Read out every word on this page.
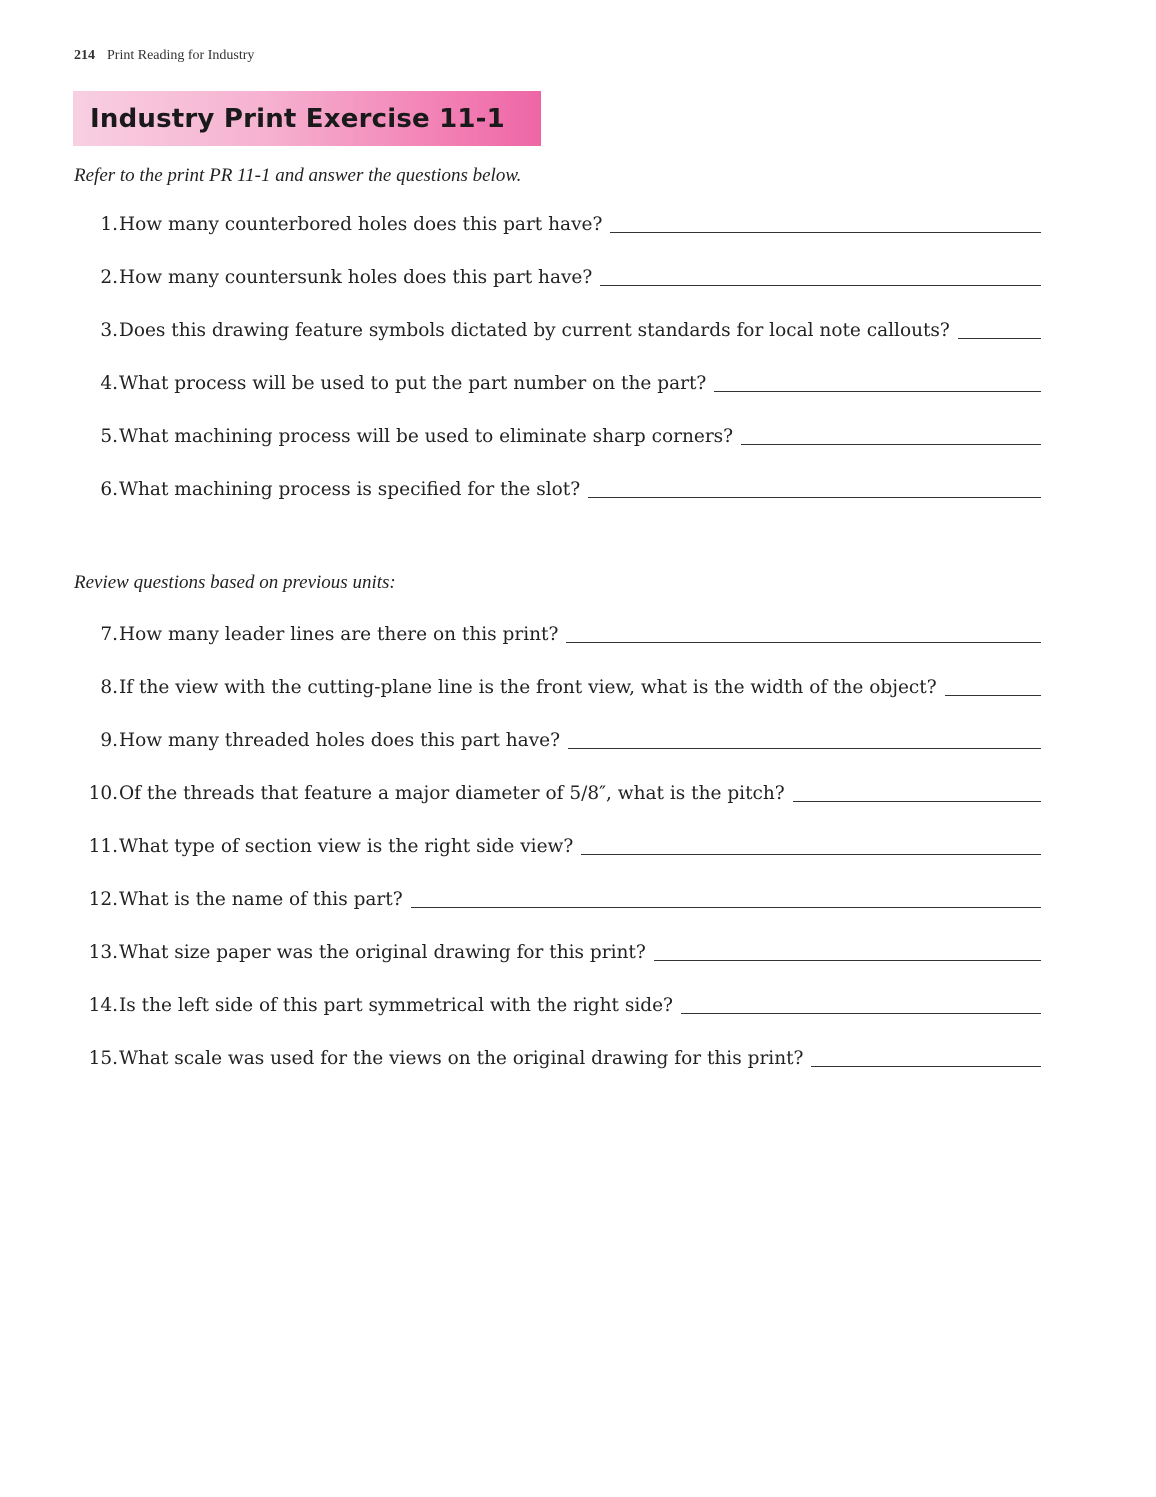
214 Print Reading for Industry
Industry Print Exercise 11-1
Refer to the print PR 11-1 and answer the questions below.
1. How many counterbored holes does this part have?
2. How many countersunk holes does this part have?
3. Does this drawing feature symbols dictated by current standards for local note callouts?
4. What process will be used to put the part number on the part?
5. What machining process will be used to eliminate sharp corners?
6. What machining process is specified for the slot?
Review questions based on previous units:
7. How many leader lines are there on this print?
8. If the view with the cutting-plane line is the front view, what is the width of the object?
9. How many threaded holes does this part have?
10. Of the threads that feature a major diameter of 5/8″, what is the pitch?
11. What type of section view is the right side view?
12. What is the name of this part?
13. What size paper was the original drawing for this print?
14. Is the left side of this part symmetrical with the right side?
15. What scale was used for the views on the original drawing for this print?
